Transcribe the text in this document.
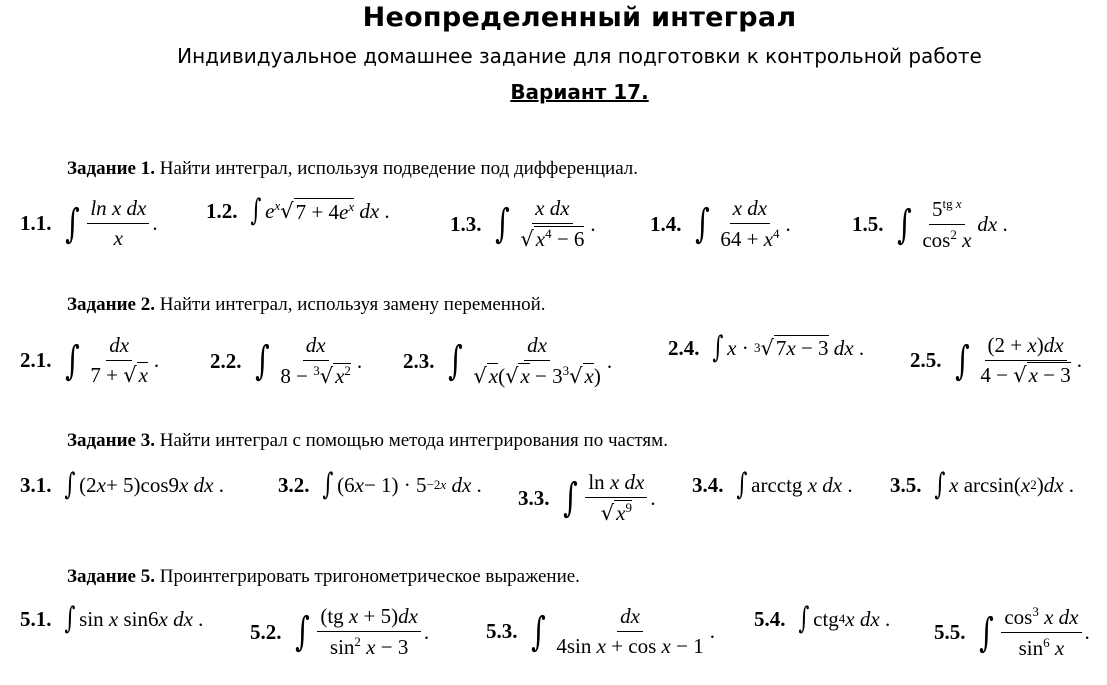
Неопределенный интеграл
Индивидуальное домашнее задание для подготовки к контрольной работе
Вариант 17.
Задание 1. Найти интеграл, используя подведение под дифференциал.
1.1. ∫ $\frac{\text{ln x dx}}{x}$ .
1.2. ∫ $e^x$ √ $7 + 4e^x$
dx .
1.3. ∫ $\frac{\text{x dx}}{√x^4 - 6}$ .	1.4. ∫ $\frac{\text{x dx}}{64 + x^4}$ .	1.5. ∫ $\frac{5^{tg x}}{\cos^2 x}$ dx .
Задание 2. Найти интеграл, используя замену переменной.
2.1. ∫ $\frac{dx}{7 + √x}$ . 2.2. ∫ $\frac{dx}{8 - ^3√x^2}$ . 2.3. ∫ $\frac{dx}{√x(√x - 3^3√x)}$ .
2.4. ∫ x · 3 √ 7x − 3
dx .
2.5. ∫ $\frac{(2 + x)dx}{4 - √x - 3}$ .
Задание 3. Найти интеграл с помощью метода интегрирования по частям.
3.1. ∫ (2 x + 5)cos9 x dx .	3.2. ∫ (6 x − 1) · 5 −2x
dx .
3.3. ∫ $\frac{\text{ln x dx}}{√x^9}$ .
3.4. ∫ arcctg x dx . 3.5. ∫ x arcsin( x 2 ) dx .
Задание 5. Проинтегрировать тригонометрическое выражение.
5.1. ∫ sin x sin6 x dx .
5.2. ∫ $\frac{\text{(tg x + 5)dx}}{\sin^2 x - 3}$ .	5.3. ∫ $\frac{dx}{\text{4sin x + cos x − 1}}$ .
5.4. ∫ ctg 4 x dx .
5.5. ∫ $\frac{\cos^3 x dx}{\sin^6 x}$ .
